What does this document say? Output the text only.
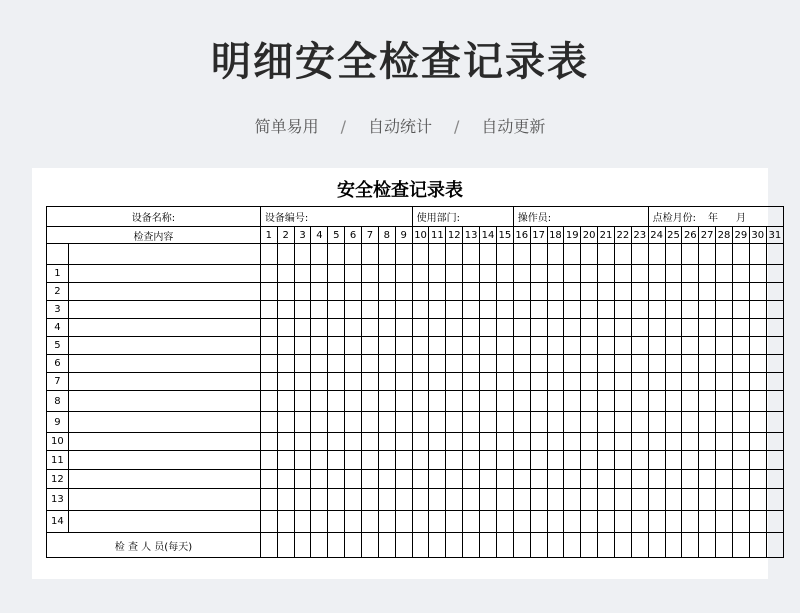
明细安全检查记录表
简单易用 / 自动统计 / 自动更新
安全检查记录表
设备名称:		设备编号:									使用部门:						操作员:								点检月份: 年 月							
检查内容		1	2	3	4	5	6	7	8	9	10	11	12	13	14	15	16	17	18	19	20	21	22	23	24	25	26	27	28	29	30	31

1																																
2																																
3																																
4																																
5																																
6																																
7																																
8																																
9																																
10																																
11																																
12																																
13																																
14																																
检 查 人 员(每天)																																
